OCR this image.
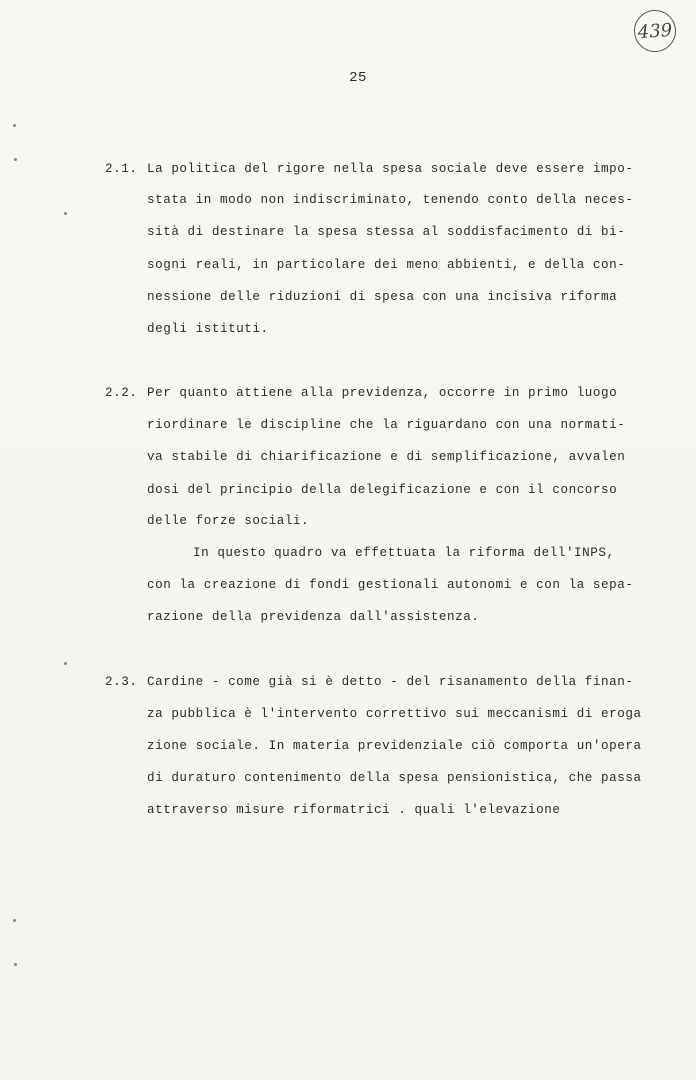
439
25
2.1. La politica del rigore nella spesa sociale deve essere impo-
stata in modo non indiscriminato, tenendo conto della neces-
sità di destinare la spesa stessa al soddisfacimento di bi-
sogni reali, in particolare dei meno abbienti, e della con-
nessione delle riduzioni di spesa con una incisiva riforma
degli istituti.
2.2. Per quanto attiene alla previdenza, occorre in primo luogo
riordinare le discipline che la riguardano con una normati-
va stabile di chiarificazione e di semplificazione, avvalen
dosi del principio della delegificazione e con il concorso
delle forze sociali.
In questo quadro va effettuata la riforma dell'INPS,
con la creazione di fondi gestionali autonomi e con la sepa-
razione della previdenza dall'assistenza.
2.3. Cardine - come già si è detto - del risanamento della finan-
za pubblica è l'intervento correttivo sui meccanismi di eroga
zione sociale. In materia previdenziale ciò comporta un'opera
di duraturo contenimento della spesa pensionistica, che passa
attraverso misure riformatrici . quali l'elevazione
